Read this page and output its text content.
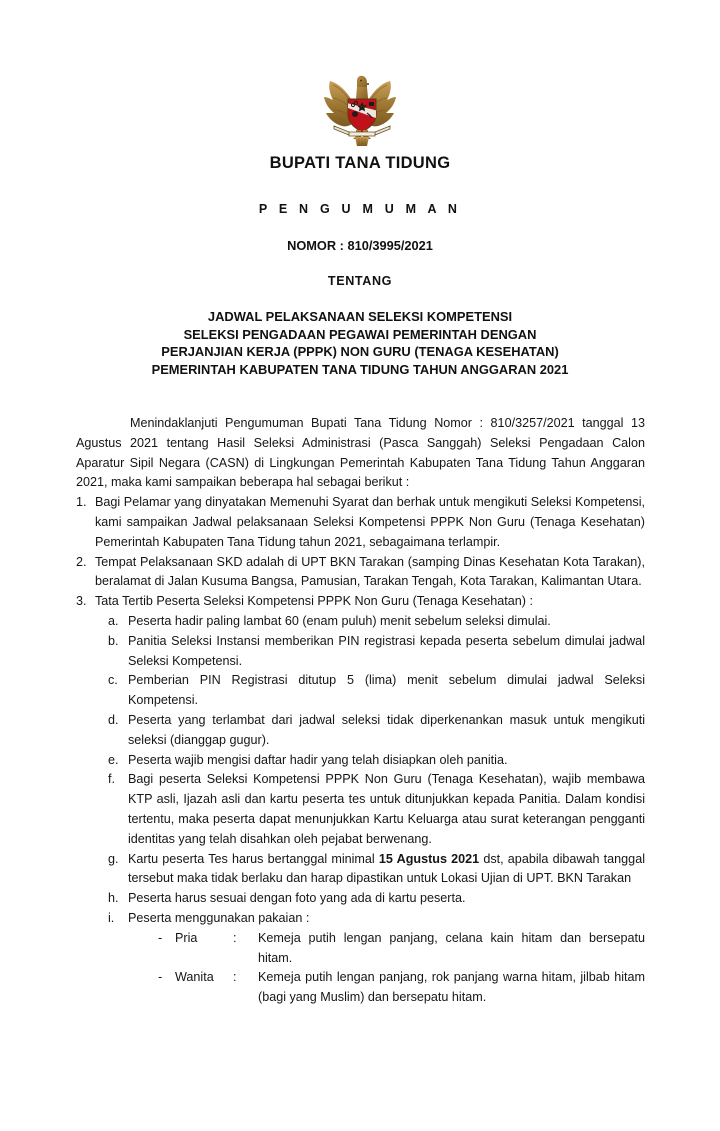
BUPATI TANA TIDUNG
P E N G U M U M A N
NOMOR : 810/3995/2021
TENTANG
JADWAL PELAKSANAAN SELEKSI KOMPETENSI
SELEKSI PENGADAAN PEGAWAI PEMERINTAH DENGAN
PERJANJIAN KERJA (PPPK) NON GURU (TENAGA KESEHATAN)
PEMERINTAH KABUPATEN TANA TIDUNG TAHUN ANGGARAN 2021

Menindaklanjuti Pengumuman Bupati Tana Tidung Nomor : 810/3257/2021 tanggal 13 Agustus 2021 tentang Hasil Seleksi Administrasi (Pasca Sanggah) Seleksi Pengadaan Calon Aparatur Sipil Negara (CASN) di Lingkungan Pemerintah Kabupaten Tana Tidung Tahun Anggaran 2021, maka kami sampaikan beberapa hal sebagai berikut :

1. Bagi Pelamar yang dinyatakan Memenuhi Syarat dan berhak untuk mengikuti Seleksi Kompetensi, kami sampaikan Jadwal pelaksanaan Seleksi Kompetensi PPPK Non Guru (Tenaga Kesehatan) Pemerintah Kabupaten Tana Tidung tahun 2021, sebagaimana terlampir.
2. Tempat Pelaksanaan SKD adalah di UPT BKN Tarakan (samping Dinas Kesehatan Kota Tarakan), beralamat di Jalan Kusuma Bangsa, Pamusian, Tarakan Tengah, Kota Tarakan, Kalimantan Utara.
3. Tata Tertib Peserta Seleksi Kompetensi PPPK Non Guru (Tenaga Kesehatan) :
a. Peserta hadir paling lambat 60 (enam puluh) menit sebelum seleksi dimulai.
b. Panitia Seleksi Instansi memberikan PIN registrasi kepada peserta sebelum dimulai jadwal Seleksi Kompetensi.
c. Pemberian PIN Registrasi ditutup 5 (lima) menit sebelum dimulai jadwal Seleksi Kompetensi.
d. Peserta yang terlambat dari jadwal seleksi tidak diperkenankan masuk untuk mengikuti seleksi (dianggap gugur).
e. Peserta wajib mengisi daftar hadir yang telah disiapkan oleh panitia.
f.	Bagi peserta Seleksi Kompetensi PPPK Non Guru (Tenaga Kesehatan), wajib membawa KTP asli, Ijazah asli dan kartu peserta tes untuk ditunjukkan kepada Panitia. Dalam kondisi tertentu, maka peserta dapat menunjukkan Kartu Keluarga atau surat keterangan pengganti identitas yang telah disahkan oleh pejabat berwenang.
g. Kartu peserta Tes harus bertanggal minimal 15 Agustus 2021 dst, apabila dibawah tanggal tersebut maka tidak berlaku dan harap dipastikan untuk Lokasi Ujian di UPT. BKN Tarakan
h. Peserta harus sesuai dengan foto yang ada di kartu peserta.
i.	Peserta menggunakan pakaian :
- Pria	: Kemeja putih lengan panjang, celana kain hitam dan bersepatu hitam.
- Wanita : Kemeja putih lengan panjang, rok panjang warna hitam, jilbab hitam (bagi yang Muslim) dan bersepatu hitam.
